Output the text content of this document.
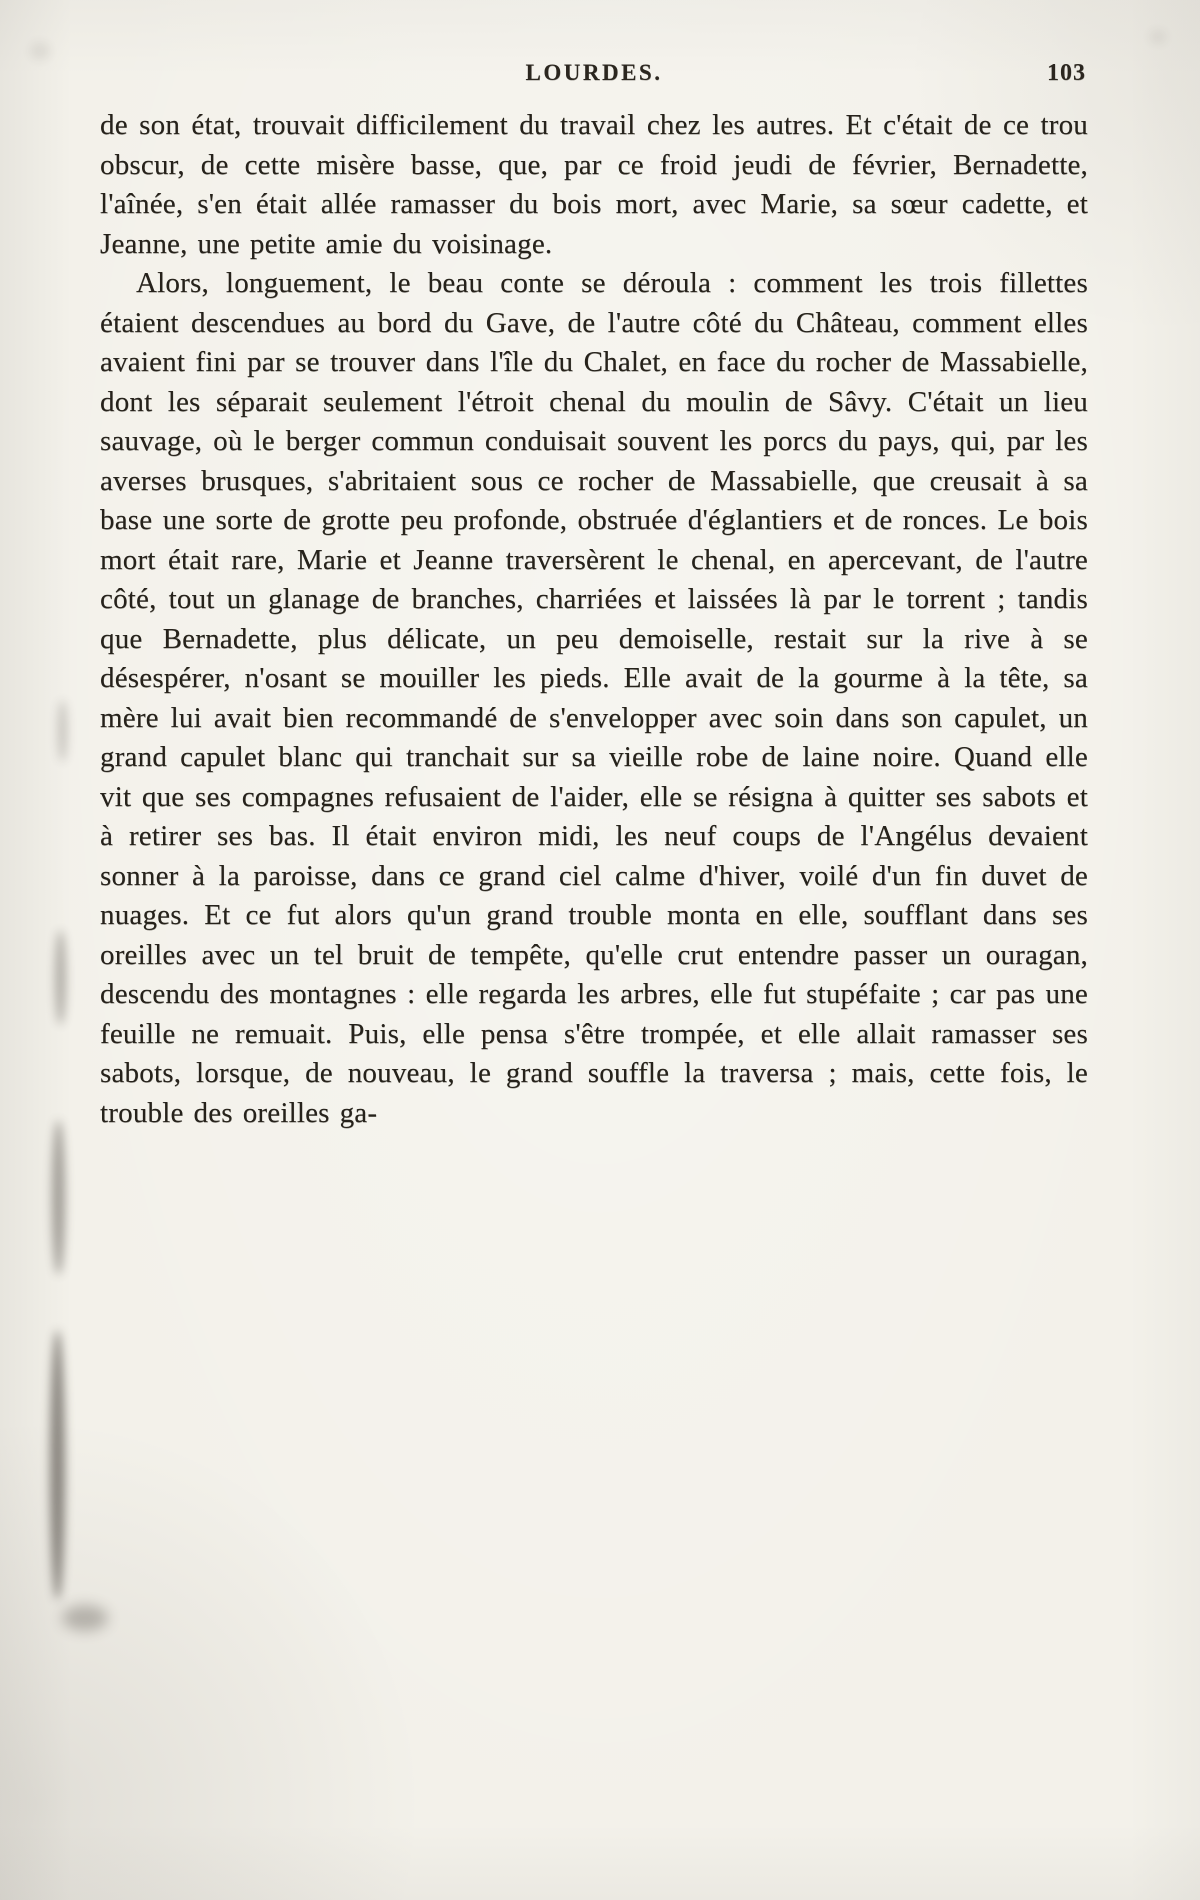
LOURDES.	103

de son état, trouvait difficilement du travail chez les autres. Et c'était de ce trou obscur, de cette misère basse, que, par ce froid jeudi de février, Bernadette, l'aînée, s'en était allée ramasser du bois mort, avec Marie, sa sœur cadette, et Jeanne, une petite amie du voisinage.

Alors, longuement, le beau conte se déroula : comment les trois fillettes étaient descendues au bord du Gave, de l'autre côté du Château, comment elles avaient fini par se trouver dans l'île du Chalet, en face du rocher de Massabielle, dont les séparait seulement l'étroit chenal du moulin de Sâvy. C'était un lieu sauvage, où le berger commun conduisait souvent les porcs du pays, qui, par les averses brusques, s'abritaient sous ce rocher de Massabielle, que creusait à sa base une sorte de grotte peu profonde, obstruée d'églantiers et de ronces. Le bois mort était rare, Marie et Jeanne traversèrent le chenal, en apercevant, de l'autre côté, tout un glanage de branches, charriées et laissées là par le torrent ; tandis que Bernadette, plus délicate, un peu demoiselle, restait sur la rive à se désespérer, n'osant se mouiller les pieds. Elle avait de la gourme à la tête, sa mère lui avait bien recommandé de s'envelopper avec soin dans son capulet, un grand capulet blanc qui tranchait sur sa vieille robe de laine noire. Quand elle vit que ses compagnes refusaient de l'aider, elle se résigna à quitter ses sabots et à retirer ses bas. Il était environ midi, les neuf coups de l'Angélus devaient sonner à la paroisse, dans ce grand ciel calme d'hiver, voilé d'un fin duvet de nuages. Et ce fut alors qu'un grand trouble monta en elle, soufflant dans ses oreilles avec un tel bruit de tempête, qu'elle crut entendre passer un ouragan, descendu des montagnes : elle regarda les arbres, elle fut stupéfaite ; car pas une feuille ne remuait. Puis, elle pensa s'être trompée, et elle allait ramasser ses sabots, lorsque, de nouveau, le grand souffle la traversa ; mais, cette fois, le trouble des oreilles ga-
